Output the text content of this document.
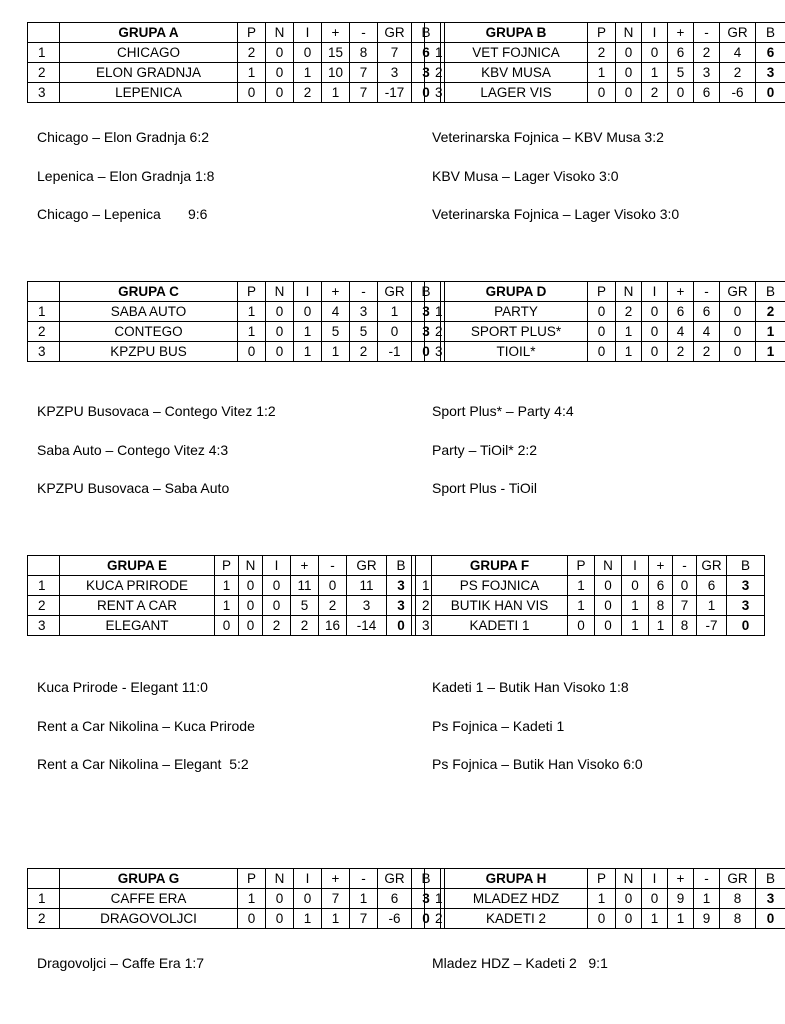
	GRUPA A	P	N	I	+	-	GR	B
1	CHICAGO	2	0	0	15	8	7	6
2	ELON GRADNJA	1	0	1	10	7	3	3
3	LEPENICA	0	0	2	1	7	-17	0
Chicago – Elon Gradnja 6:2
Lepenica – Elon Gradnja 1:8
Chicago – Lepenica       9:6
	GRUPA B	P	N	I	+	-	GR	B
1	VET FOJNICA	2	0	0	6	2	4	6
2	KBV MUSA	1	0	1	5	3	2	3
3	LAGER VIS	0	0	2	0	6	-6	0
Veterinarska Fojnica – KBV Musa 3:2
KBV Musa – Lager Visoko 3:0
Veterinarska Fojnica – Lager Visoko 3:0
	GRUPA C	P	N	I	+	-	GR	B
1	SABA AUTO	1	0	0	4	3	1	3
2	CONTEGO	1	0	1	5	5	0	3
3	KPZPU BUS	0	0	1	1	2	-1	0
KPZPU Busovaca – Contego Vitez 1:2
Saba Auto – Contego Vitez 4:3
KPZPU Busovaca – Saba Auto
	GRUPA D	P	N	I	+	-	GR	B
1	PARTY	0	2	0	6	6	0	2
2	SPORT PLUS*	0	1	0	4	4	0	1
3	TIOIL*	0	1	0	2	2	0	1
Sport Plus* – Party 4:4
Party – TiOil* 2:2
Sport Plus - TiOil
	GRUPA E	P	N	I	+	-	GR	B
1	KUCA PRIRODE	1	0	0	11	0	11	3
2	RENT A CAR	1	0	0	5	2	3	3
3	ELEGANT	0	0	2	2	16	-14	0
Kuca Prirode - Elegant 11:0
Rent a Car Nikolina – Kuca Prirode
Rent a Car Nikolina – Elegant  5:2
	GRUPA F	P	N	I	+	-	GR	B
1	PS FOJNICA	1	0	0	6	0	6	3
2	BUTIK HAN VIS	1	0	1	8	7	1	3
3	KADETI 1	0	0	1	1	8	-7	0
Kadeti 1 – Butik Han Visoko 1:8
Ps Fojnica – Kadeti 1
Ps Fojnica – Butik Han Visoko 6:0
	GRUPA G	P	N	I	+	-	GR	B
1	CAFFE ERA	1	0	0	7	1	6	3
2	DRAGOVOLJCI	0	0	1	1	7	-6	0
Dragovoljci – Caffe Era 1:7
	GRUPA H	P	N	I	+	-	GR	B
1	MLADEZ HDZ	1	0	0	9	1	8	3
2	KADETI 2	0	0	1	1	9	8	0
Mladez HDZ – Kadeti 2   9:1
